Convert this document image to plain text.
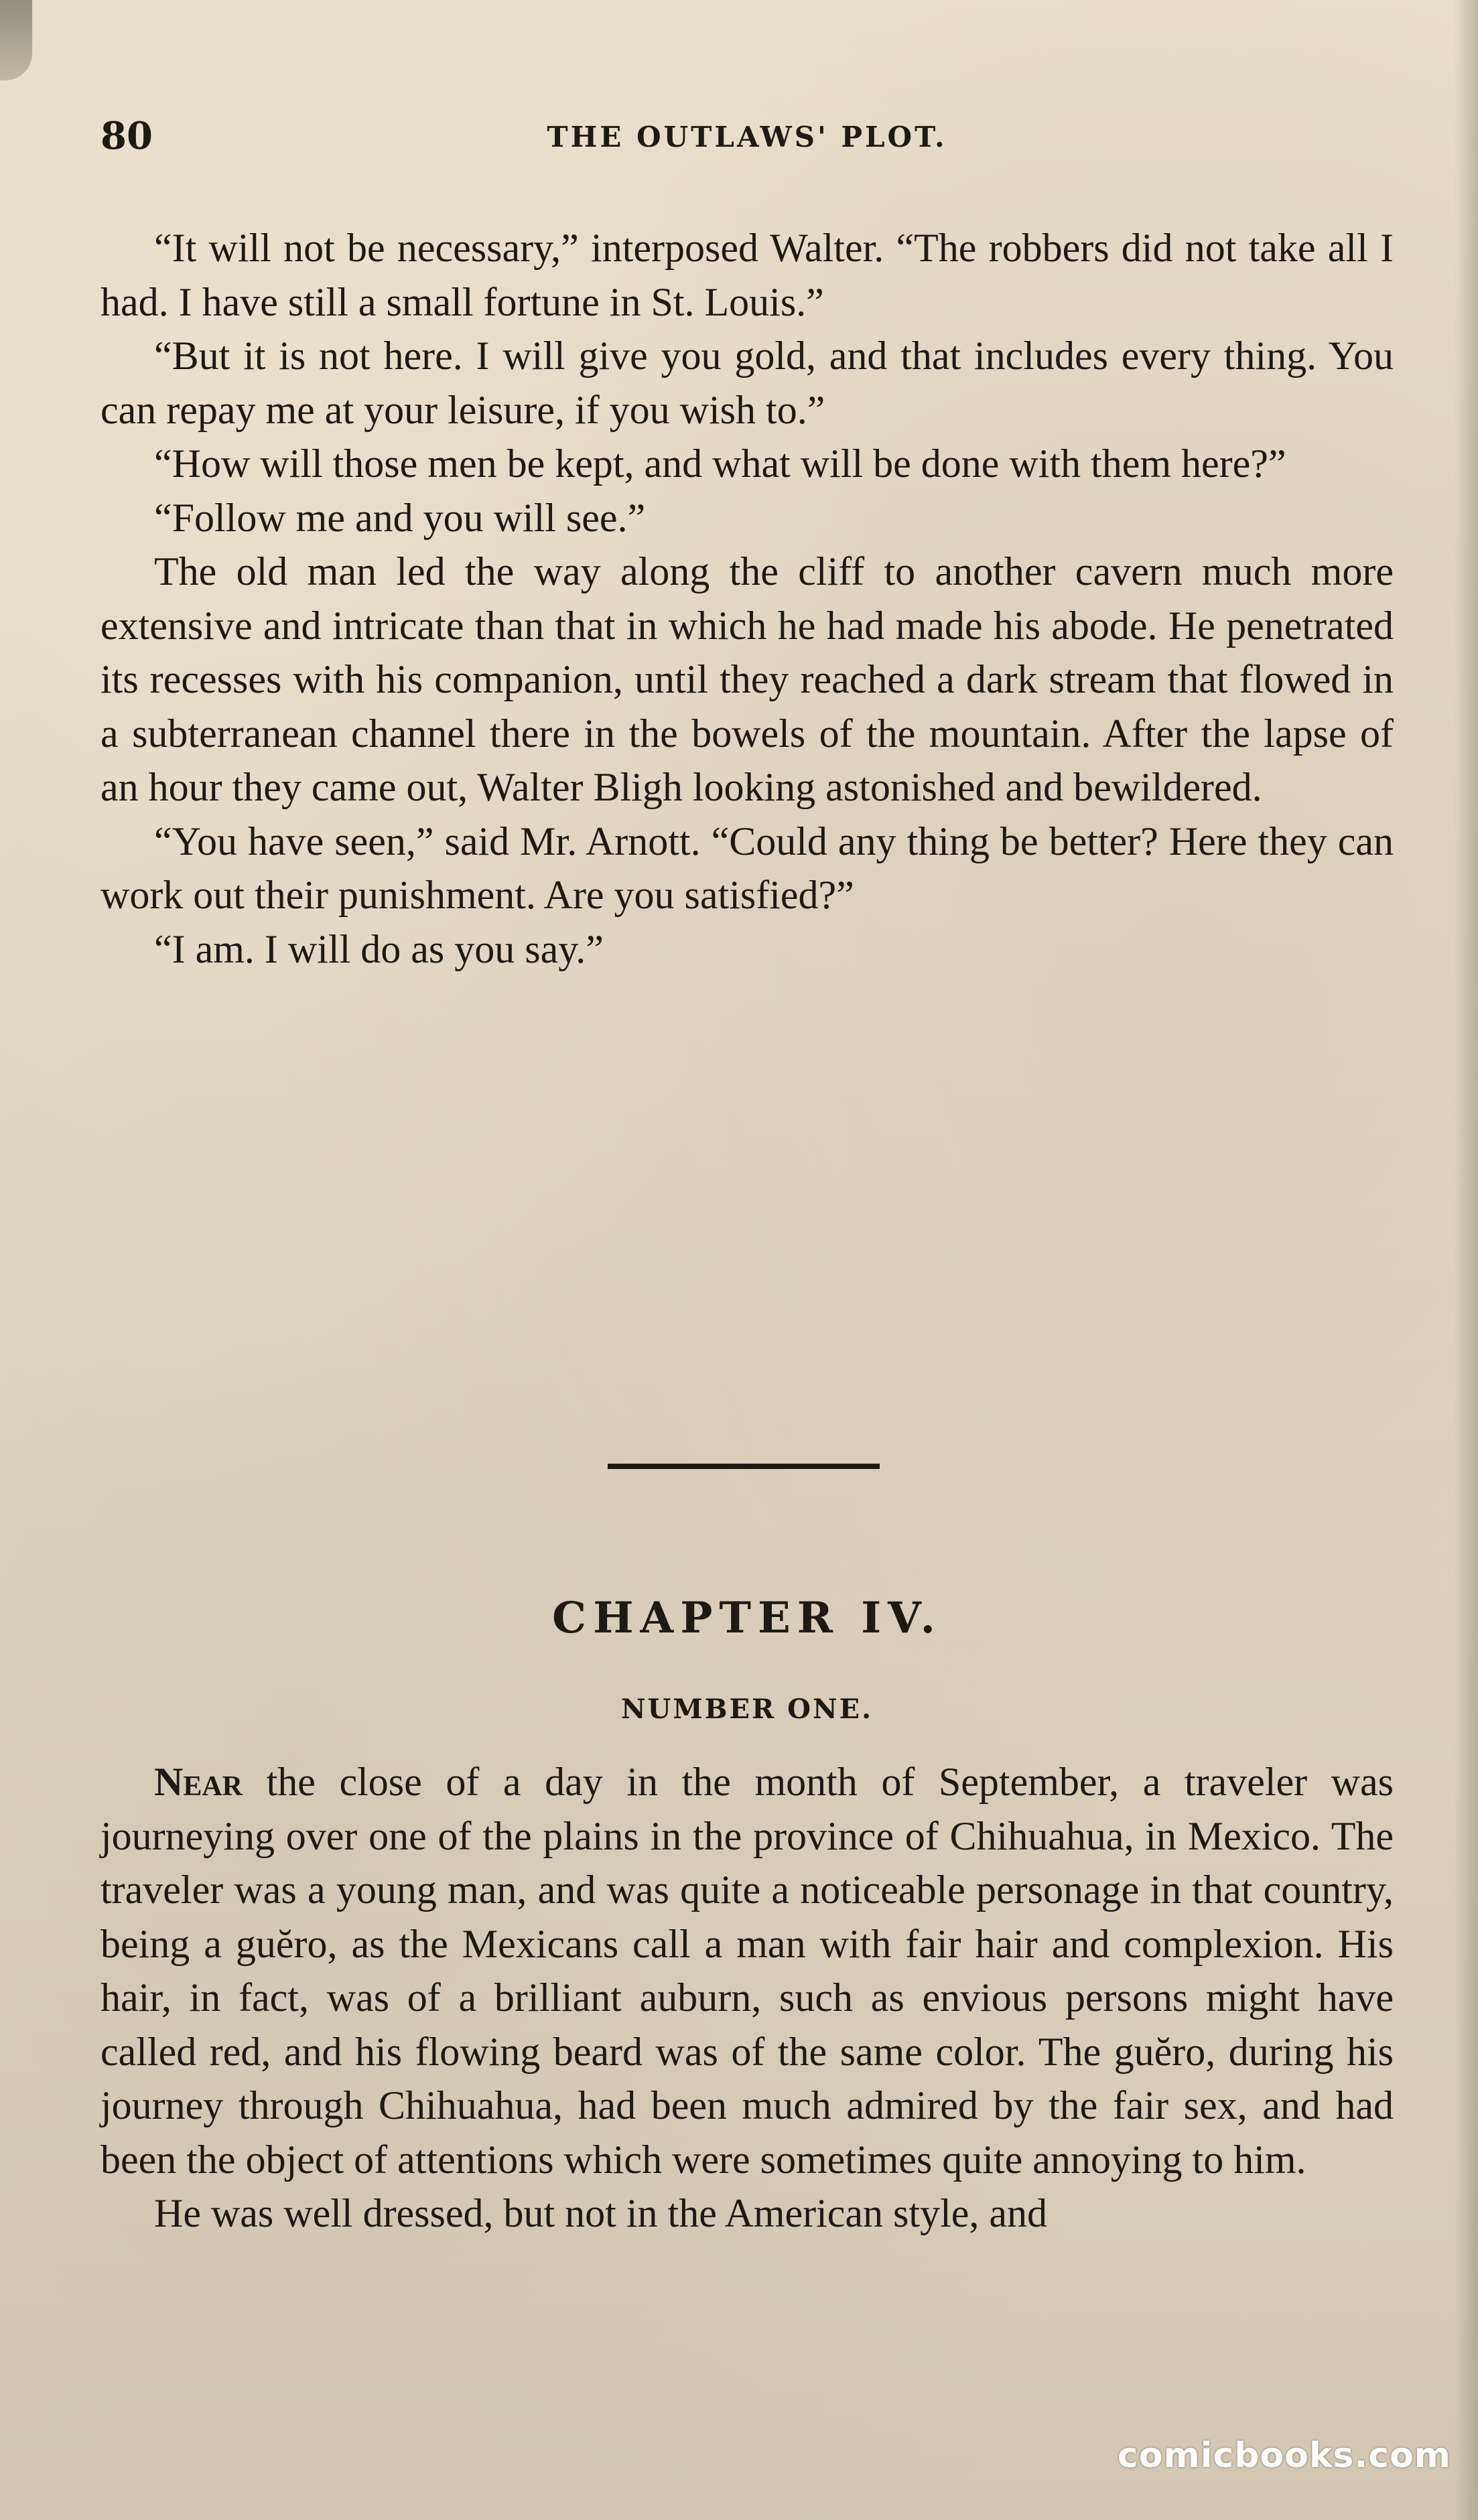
80	THE OUTLAWS' PLOT.

“It will not be necessary,” interposed Walter. “The robbers did not take all I had. I have still a small fortune in St. Louis.”

“But it is not here. I will give you gold, and that includes every thing. You can repay me at your leisure, if you wish to.”

“How will those men be kept, and what will be done with them here?”

“Follow me and you will see.”

The old man led the way along the cliff to another cavern much more extensive and intricate than that in which he had made his abode. He penetrated its recesses with his companion, until they reached a dark stream that flowed in a subterranean channel there in the bowels of the mountain. After the lapse of an hour they came out, Walter Bligh looking astonished and bewildered.

“You have seen,” said Mr. Arnott. “Could any thing be better? Here they can work out their punishment. Are you satisfied?”

“I am. I will do as you say.”

CHAPTER IV.
NUMBER ONE.

Near the close of a day in the month of September, a traveler was journeying over one of the plains in the province of Chihuahua, in Mexico. The traveler was a young man, and was quite a noticeable personage in that country, being a guĕro, as the Mexicans call a man with fair hair and complexion. His hair, in fact, was of a brilliant auburn, such as envious persons might have called red, and his flowing beard was of the same color. The guĕro, during his journey through Chihuahua, had been much admired by the fair sex, and had been the object of attentions which were sometimes quite annoying to him.

He was well dressed, but not in the American style, and

comicbooks.com
